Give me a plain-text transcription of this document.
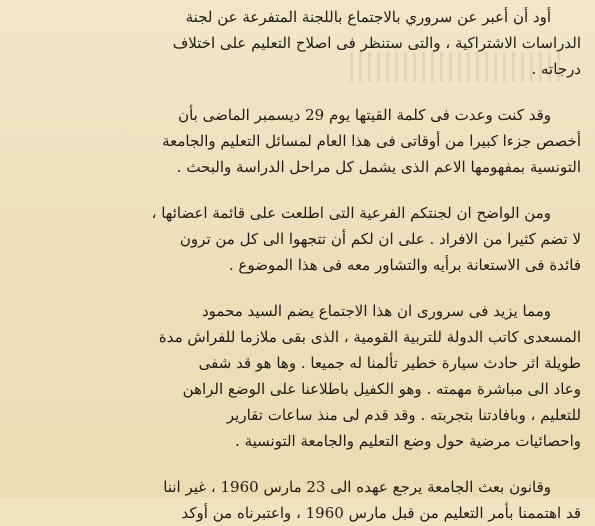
أود أن أعبر عن سروري بالاجتماع باللجنة المتفرعة عن لجنة
الدراسات الاشتراكية ، والتى ستنظر فى اصلاح التعليم على اختلاف
درجاته .
وقد كنت وعدت فى كلمة القيتها يوم 29 ديسمبر الماضى بأن
أخصص جزءا كبيرا من أوقاتى فى هذا العام لمسائل التعليم والجامعة
التونسية بمفهومها الاعم الذى يشمل كل مراحل الدراسة والبحث .
ومن الواضح ان لجنتكم الفرعية التى اطلعت على قائمة اعضائها ،
لا تضم كثيرا من الافراد . على ان لكم أن تتجهوا الى كل من ترون
فائدة فى الاستعانة برأيه والتشاور معه فى هذا الموضوع .
ومما يزيد فى سرورى ان هذا الاجتماع يضم السيد محمود
المسعدى كاتب الدولة للتربية القومية ، الذى بقى ملازما للفراش مدة
طويلة اثر حادث سيارة خطير تألمنا له جميعا . وها هو قد شفى
وعاد الى مباشرة مهمته . وهو الكفيل باطلاعنا على الوضع الراهن
للتعليم ، وبافادتنا بتجربته . وقد قدم لى منذ ساعات تقارير
واحصائيات مرضية حول وضع التعليم والجامعة التونسية .
وقانون بعث الجامعة يرجع عهده الى 23 مارس 1960 ، غير اننا
قد اهتممنا بأمر التعليم من قبل مارس 1960 ، واعتبرناه من أوكد
